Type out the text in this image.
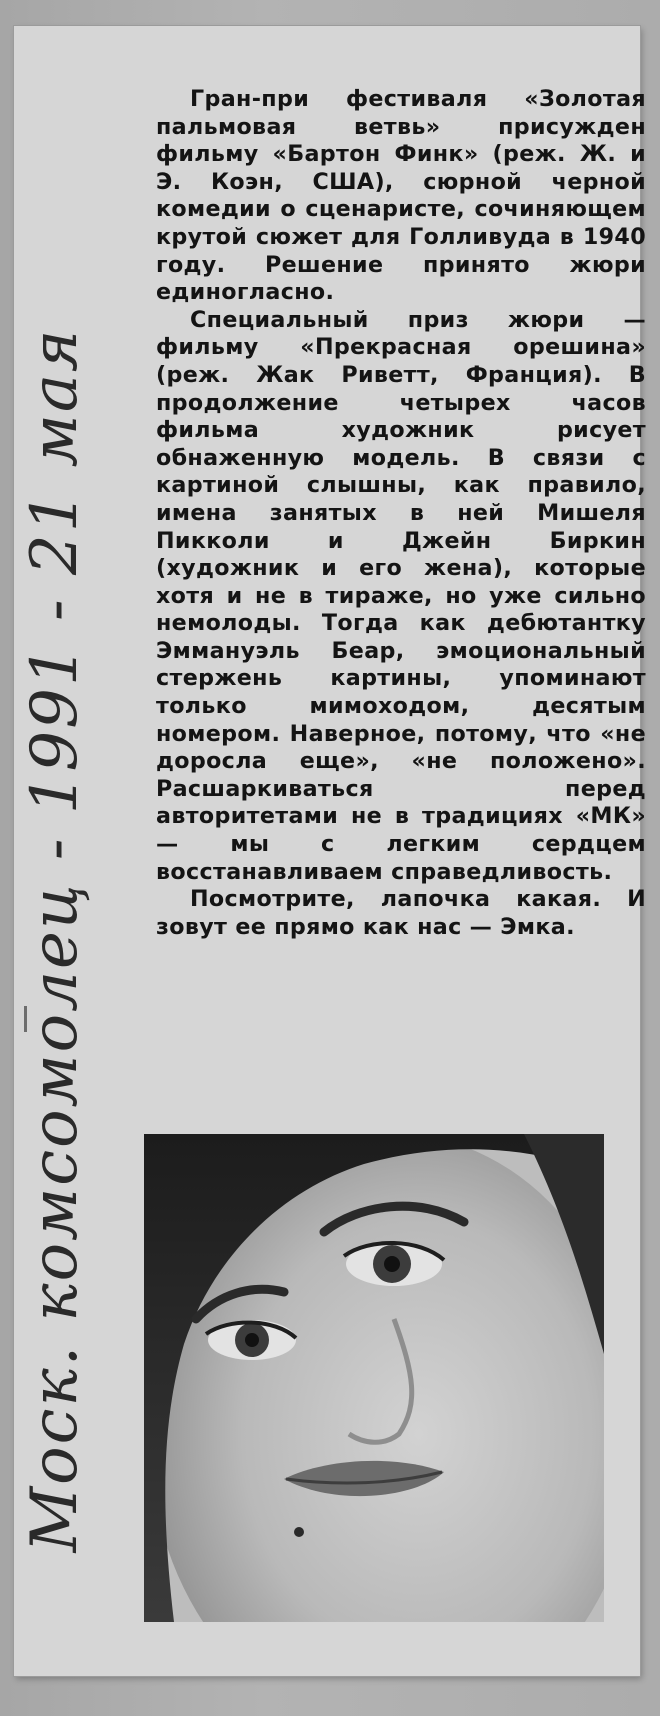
Гран-при фестиваля «Золотая пальмовая ветвь» присужден фильму «Бартон Финк» (реж. Ж. и Э. Коэн, США), сюрной черной комедии о сценаристе, сочиняющем крутой сюжет для Голливуда в 1940 году. Решение принято жюри единогласно.

Специальный приз жюри — фильму «Прекрасная орешина» (реж. Жак Риветт, Франция). В продолжение четырех часов фильма художник рисует обнаженную модель. В связи с картиной слышны, как правило, имена занятых в ней Мишеля Пикколи и Джейн Биркин (художник и его жена), которые хотя и не в тираже, но уже сильно немолоды. Тогда как дебютантку Эммануэль Беар, эмоциональный стержень картины, упоминают только мимоходом, десятым номером. Наверное, потому, что «не доросла еще», «не положено». Расшаркиваться перед авторитетами не в традициях «МК» — мы с легким сердцем восстанавливаем справедливость.

Посмотрите, лапочка какая. И зовут ее прямо как нас — Эмка.

Моск. комсомолец - 1991 - 21 мая
